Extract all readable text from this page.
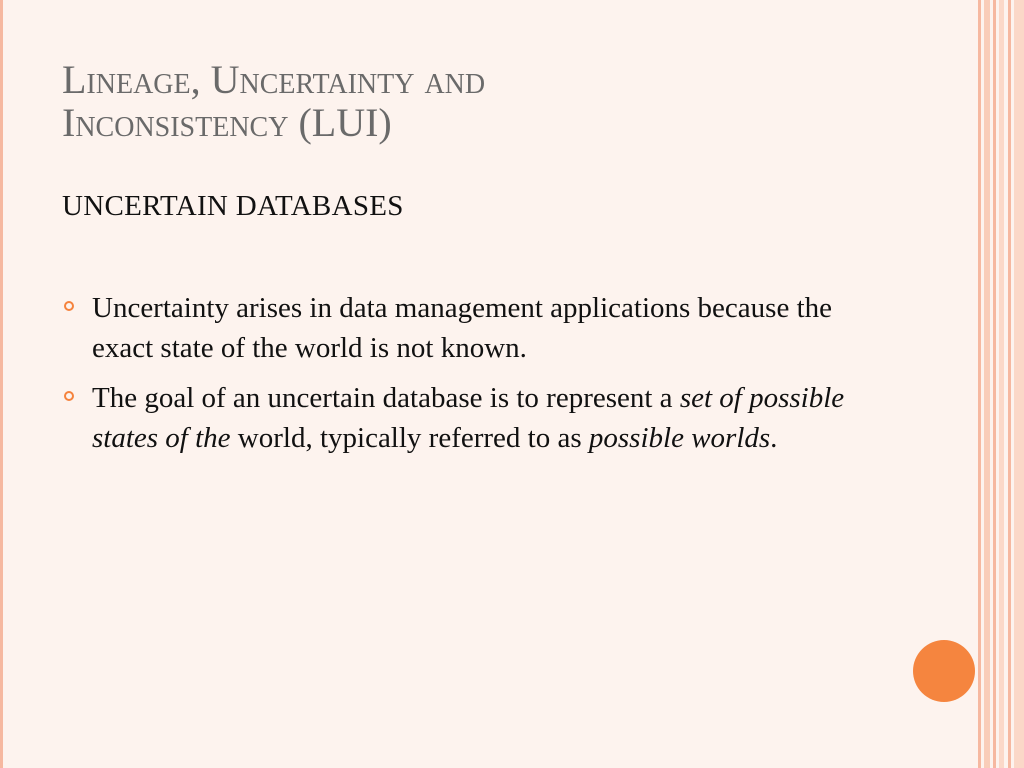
Lineage, Uncertainty and
Inconsistency (LUI)
UNCERTAIN DATABASES
Uncertainty arises in data management applications because the exact state of the world is not known.
The goal of an uncertain database is to represent a set of possible states of the world, typically referred to as possible worlds.
